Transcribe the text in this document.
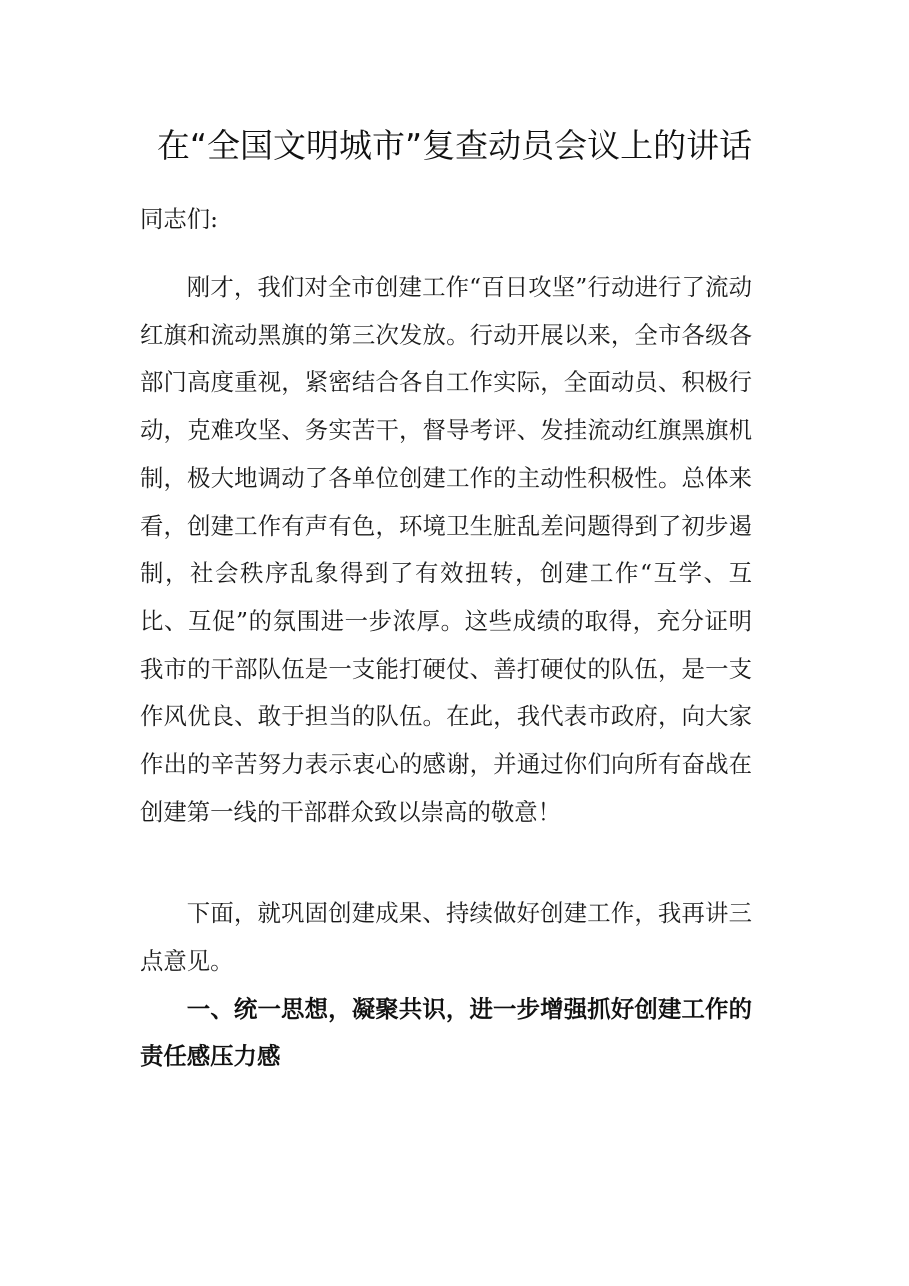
在“全国文明城市”复查动员会议上的讲话

同志们:

刚才，我们对全市创建工作“百日攻坚”行动进行了流动红旗和流动黑旗的第三次发放。行动开展以来，全市各级各部门高度重视，紧密结合各自工作实际，全面动员、积极行动，克难攻坚、务实苦干，督导考评、发挂流动红旗黑旗机制，极大地调动了各单位创建工作的主动性积极性。总体来看，创建工作有声有色，环境卫生脏乱差问题得到了初步遏制，社会秩序乱象得到了有效扭转，创建工作“互学、互比、互促”的氛围进一步浓厚。这些成绩的取得，充分证明我市的干部队伍是一支能打硬仗、善打硬仗的队伍，是一支作风优良、敢于担当的队伍。在此，我代表市政府，向大家作出的辛苦努力表示衷心的感谢，并通过你们向所有奋战在创建第一线的干部群众致以崇高的敬意！

下面，就巩固创建成果、持续做好创建工作，我再讲三点意见。

一、统一思想，凝聚共识，进一步增强抓好创建工作的责任感压力感
